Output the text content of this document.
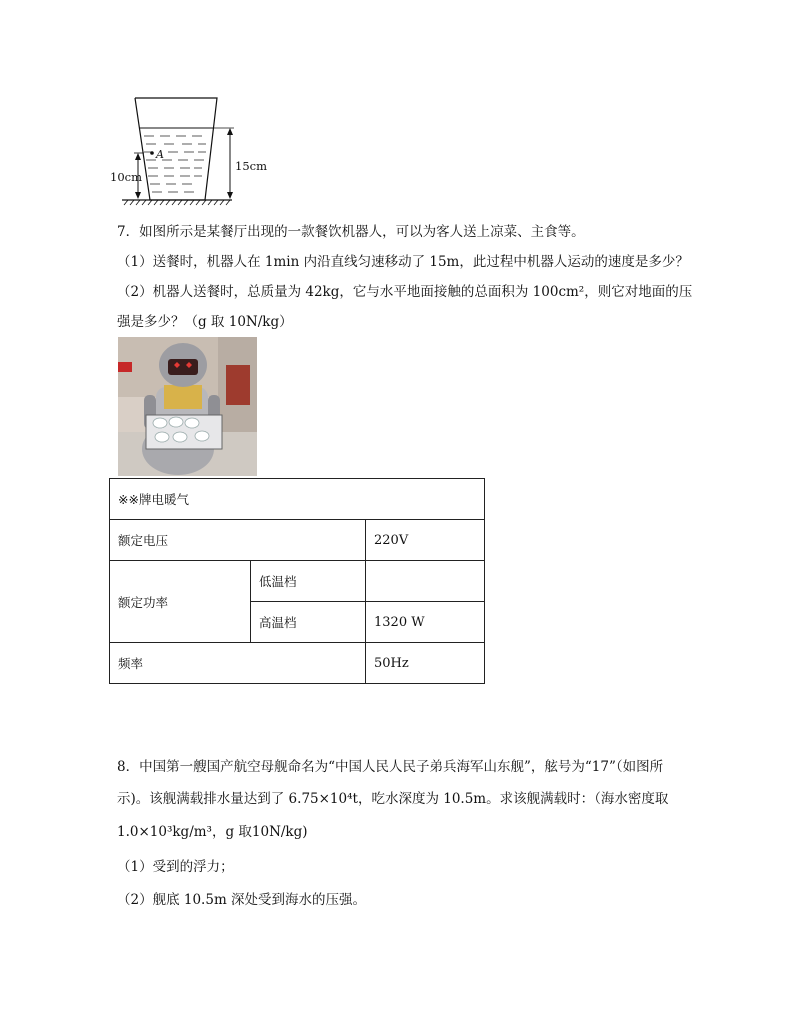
A
10cm
15cm
7．如图所示是某餐厅出现的一款餐饮机器人，可以为客人送上凉菜、主食等。
（1）送餐时，机器人在 1min 内沿直线匀速移动了 15m，此过程中机器人运动的速度是多少？
（2）机器人送餐时，总质量为 42kg，它与水平地面接触的总面积为 100cm²，则它对地面的压
强是多少？（g 取 10N/kg）
※※牌电暖气		
额定电压		220V
额定功率	低温档	
	高温档	1320 W
频率		50Hz
8．中国第一艘国产航空母舰命名为“中国人民人民子弟兵海军山东舰”，舷号为“17”（如图所
示)。该舰满载排水量达到了 6.75×10⁴t，吃水深度为 10.5m。求该舰满载时：（海水密度取
1.0×10³kg/m³，g 取10N/kg)
（1）受到的浮力；
（2）舰底 10.5m 深处受到海水的压强。
